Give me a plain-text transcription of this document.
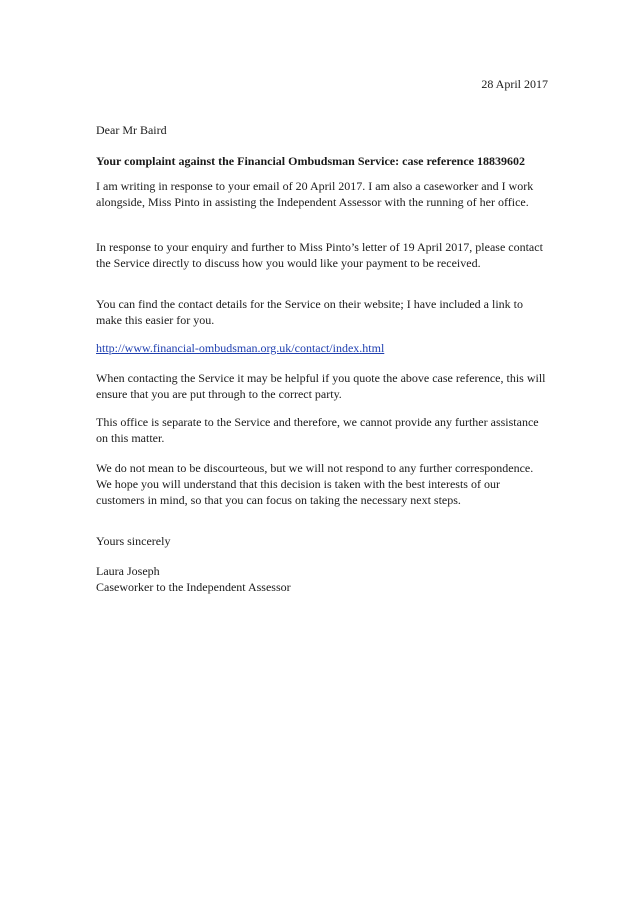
28 April 2017

Dear Mr Baird

Your complaint against the Financial Ombudsman Service: case reference 18839602

I am writing in response to your email of 20 April 2017. I am also a caseworker and I work alongside, Miss Pinto in assisting the Independent Assessor with the running of her office.

In response to your enquiry and further to Miss Pinto’s letter of 19 April 2017, please contact the Service directly to discuss how you would like your payment to be received.

You can find the contact details for the Service on their website; I have included a link to make this easier for you.

http://www.financial-ombudsman.org.uk/contact/index.html

When contacting the Service it may be helpful if you quote the above case reference, this will ensure that you are put through to the correct party.

This office is separate to the Service and therefore, we cannot provide any further assistance on this matter.

We do not mean to be discourteous, but we will not respond to any further correspondence. We hope you will understand that this decision is taken with the best interests of our customers in mind, so that you can focus on taking the necessary next steps.

Yours sincerely

Laura Joseph

Caseworker to the Independent Assessor
